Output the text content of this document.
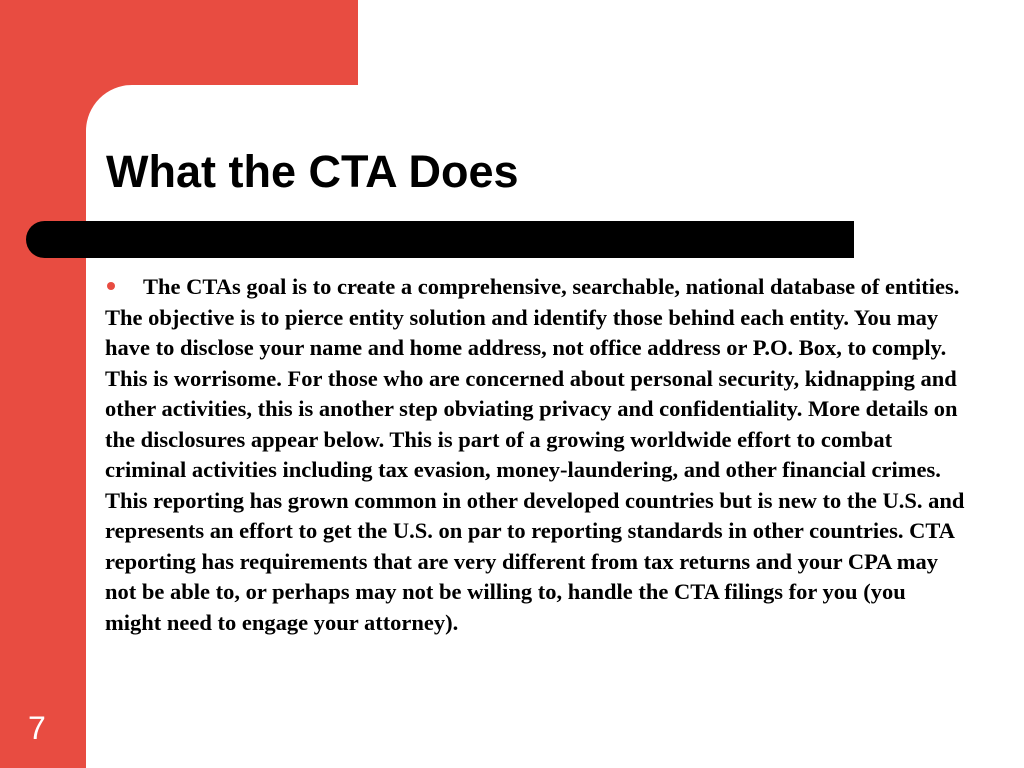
What the CTA Does

The CTAs goal is to create a comprehensive, searchable, national database of entities. The objective is to pierce entity solution and identify those behind each entity. You may have to disclose your name and home address, not office address or P.O. Box, to comply. This is worrisome. For those who are concerned about personal security, kidnapping and other activities, this is another step obviating privacy and confidentiality. More details on the disclosures appear below. This is part of a growing worldwide effort to combat criminal activities including tax evasion, money-laundering, and other financial crimes. This reporting has grown common in other developed countries but is new to the U.S. and represents an effort to get the U.S. on par to reporting standards in other countries. CTA reporting has requirements that are very different from tax returns and your CPA may not be able to, or perhaps may not be willing to, handle the CTA filings for you (you might need to engage your attorney).

7
